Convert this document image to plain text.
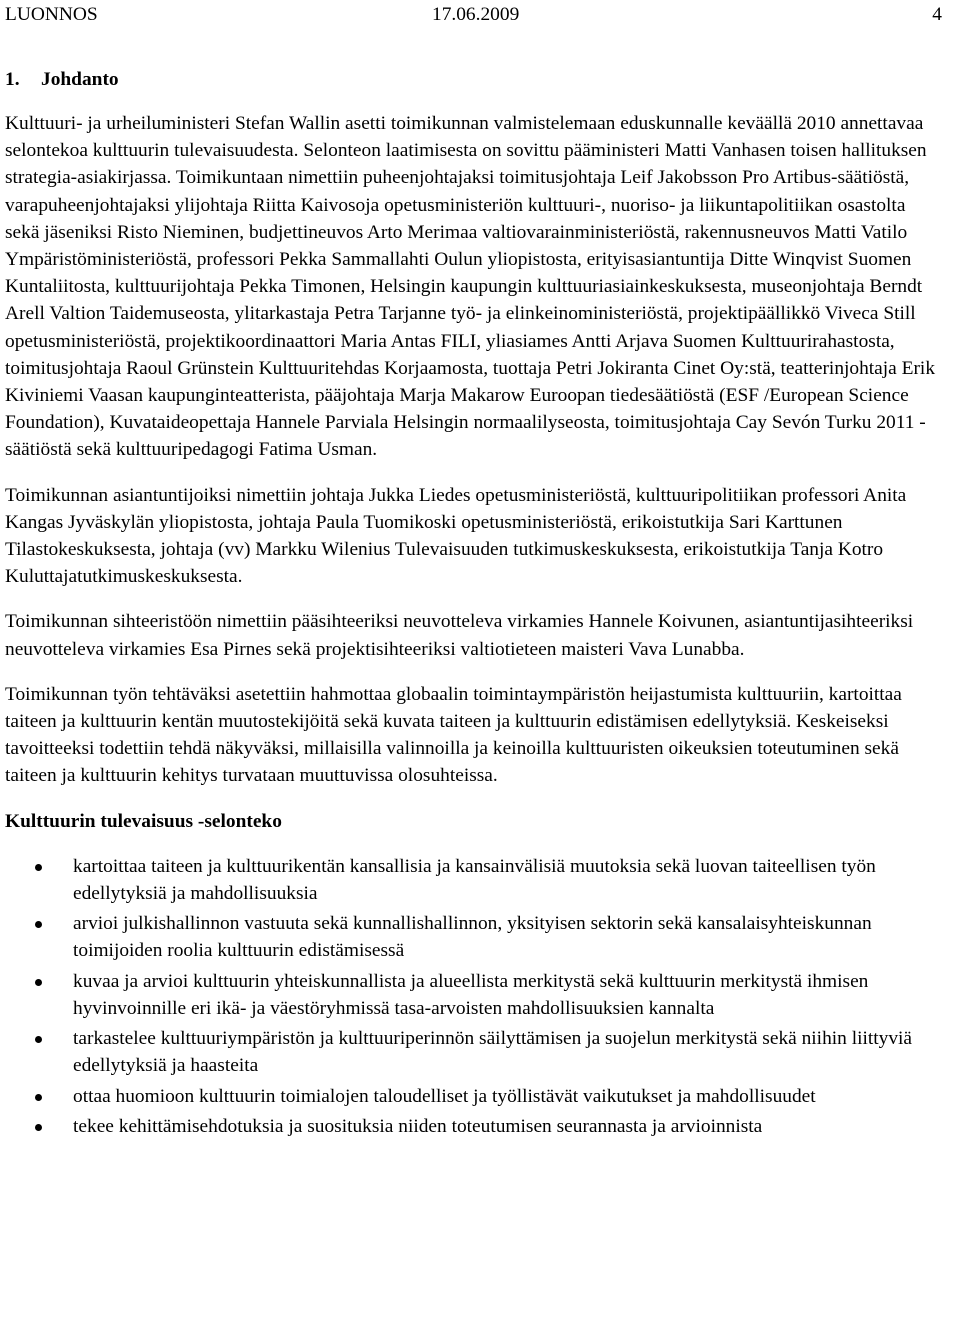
LUONNOS	17.06.2009	4
1. Johdanto

Kulttuuri- ja urheiluministeri Stefan Wallin asetti toimikunnan valmistelemaan eduskunnalle keväällä 2010 annettavaa selontekoa kulttuurin tulevaisuudesta. Selonteon laatimisesta on sovittu pääministeri Matti Vanhasen toisen hallituksen strategia-asiakirjassa. Toimikuntaan nimettiin puheenjohtajaksi toimitusjohtaja Leif Jakobsson Pro Artibus-säätiöstä, varapuheenjohtajaksi ylijohtaja Riitta Kaivosoja opetusministeriön kulttuuri-, nuoriso- ja liikuntapolitiikan osastolta sekä jäseniksi Risto Nieminen, budjettineuvos Arto Merimaa valtiovarainministeriöstä, rakennusneuvos Matti Vatilo Ympäristöministeriöstä, professori Pekka Sammallahti Oulun yliopistosta, erityisasiantuntija Ditte Winqvist Suomen Kuntaliitosta, kulttuurijohtaja Pekka Timonen, Helsingin kaupungin kulttuuriasiainkeskuksesta, museonjohtaja Berndt Arell Valtion Taidemuseosta, ylitarkastaja Petra Tarjanne työ- ja elinkeinoministeriöstä, projektipäällikkö Viveca Still opetusministeriöstä, projektikoordinaattori Maria Antas FILI, yliasiames Antti Arjava Suomen Kulttuurirahastosta, toimitusjohtaja Raoul Grünstein Kulttuuritehdas Korjaamosta, tuottaja Petri Jokiranta Cinet Oy:stä, teatterinjohtaja Erik Kiviniemi Vaasan kaupunginteatterista, pääjohtaja Marja Makarow Euroopan tiedesäätiöstä (ESF /European Science Foundation), Kuvataideopettaja Hannele Parviala Helsingin normaalilyseosta, toimitusjohtaja Cay Sevón Turku 2011 -säätiöstä sekä kulttuuripedagogi Fatima Usman.

Toimikunnan asiantuntijoiksi nimettiin johtaja Jukka Liedes opetusministeriöstä, kulttuuripolitiikan professori Anita Kangas Jyväskylän yliopistosta, johtaja Paula Tuomikoski opetusministeriöstä, erikoistutkija Sari Karttunen Tilastokeskuksesta, johtaja (vv) Markku Wilenius Tulevaisuuden tutkimuskeskuksesta, erikoistutkija Tanja Kotro Kuluttajatutkimuskeskuksesta.

Toimikunnan sihteeristöön nimettiin pääsihteeriksi neuvotteleva virkamies Hannele Koivunen, asiantuntijasihteeriksi neuvotteleva virkamies Esa Pirnes sekä projektisihteeriksi valtiotieteen maisteri Vava Lunabba.

Toimikunnan työn tehtäväksi asetettiin hahmottaa globaalin toimintaympäristön heijastumista kulttuuriin, kartoittaa taiteen ja kulttuurin kentän muutostekijöitä sekä kuvata taiteen ja kulttuurin edistämisen edellytyksiä. Keskeiseksi tavoitteeksi todettiin tehdä näkyväksi, millaisilla valinnoilla ja keinoilla kulttuuristen oikeuksien toteutuminen sekä taiteen ja kulttuurin kehitys turvataan muuttuvissa olosuhteissa.

Kulttuurin tulevaisuus -selonteko
kartoittaa taiteen ja kulttuurikentän kansallisia ja kansainvälisiä muutoksia sekä luovan taiteellisen työn edellytyksiä ja mahdollisuuksia
arvioi julkishallinnon vastuuta sekä kunnallishallinnon, yksityisen sektorin sekä kansalaisyhteiskunnan toimijoiden roolia kulttuurin edistämisessä
kuvaa ja arvioi kulttuurin yhteiskunnallista ja alueellista merkitystä sekä kulttuurin merkitystä ihmisen hyvinvoinnille eri ikä- ja väestöryhmissä tasa-arvoisten mahdollisuuksien kannalta
tarkastelee kulttuuriympäristön ja kulttuuriperinnön säilyttämisen ja suojelun merkitystä sekä niihin liittyviä edellytyksiä ja haasteita
ottaa huomioon kulttuurin toimialojen taloudelliset ja työllistävät vaikutukset ja mahdollisuudet
tekee kehittämisehdotuksia ja suosituksia niiden toteutumisen seurannasta ja arvioinnista
